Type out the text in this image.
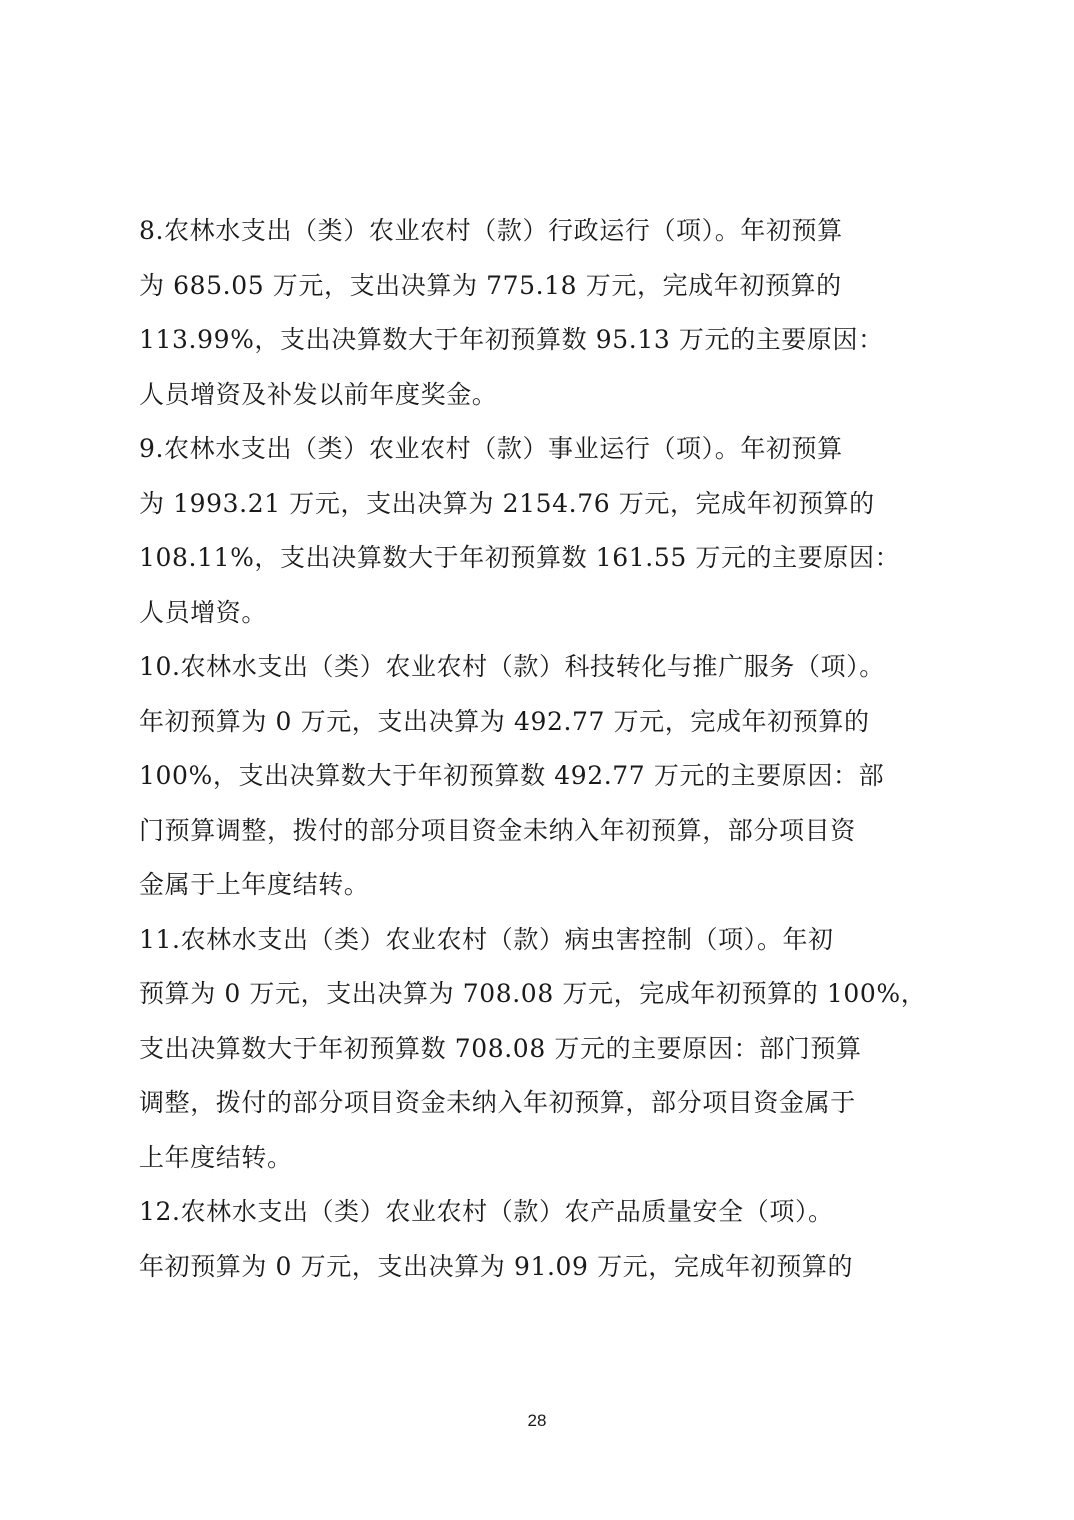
8.农林水支出（类）农业农村（款）行政运行（项）。年初预算
为 685.05 万元，支出决算为 775.18 万元，完成年初预算的
113.99%，支出决算数大于年初预算数 95.13 万元的主要原因：
人员增资及补发以前年度奖金。
9.农林水支出（类）农业农村（款）事业运行（项）。年初预算
为 1993.21 万元，支出决算为 2154.76 万元，完成年初预算的
108.11%，支出决算数大于年初预算数 161.55 万元的主要原因：
人员增资。
10.农林水支出（类）农业农村（款）科技转化与推广服务（项）。
年初预算为 0 万元，支出决算为 492.77 万元，完成年初预算的
100%，支出决算数大于年初预算数 492.77 万元的主要原因：部
门预算调整，拨付的部分项目资金未纳入年初预算，部分项目资
金属于上年度结转。
11.农林水支出（类）农业农村（款）病虫害控制（项）。年初
预算为 0 万元，支出决算为 708.08 万元，完成年初预算的 100%，
支出决算数大于年初预算数 708.08 万元的主要原因：部门预算
调整，拨付的部分项目资金未纳入年初预算，部分项目资金属于
上年度结转。
12.农林水支出（类）农业农村（款）农产品质量安全（项）。
年初预算为 0 万元，支出决算为 91.09 万元，完成年初预算的
28
